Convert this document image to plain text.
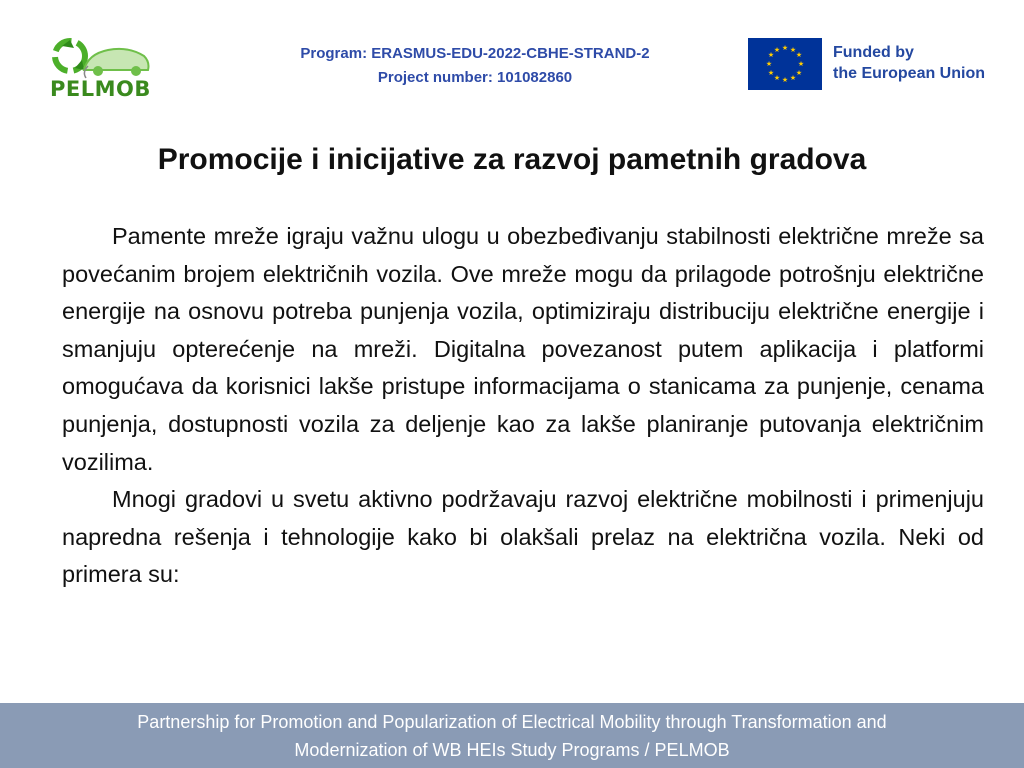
PELMOB
Program: ERASMUS-EDU-2022-CBHE-STRAND-2
Project number: 101082860
★ ★
★
★
★
★
★
★
★
★
★
★	Funded by
the European Union
Promocije i inicijative za razvoj pametnih gradova

Pamente mreže igraju važnu ulogu u obezbeđivanju stabilnosti električne mreže sa povećanim brojem električnih vozila. Ove mreže mogu da prilagode potrošnju električne energije na osnovu potreba punjenja vozila, optimiziraju distribuciju električne energije i smanjuju opterećenje na mreži. Digitalna povezanost putem aplikacija i platformi omogućava da korisnici lakše pristupe informacijama o stanicama za punjenje, cenama punjenja, dostupnosti vozila za deljenje kao za lakše planiranje putovanja električnim vozilima.

Mnogi gradovi u svetu aktivno podržavaju razvoj električne mobilnosti i primenjuju napredna rešenja i tehnologije kako bi olakšali prelaz na električna vozila. Neki od primera su:

Partnership for Promotion and Popularization of Electrical Mobility through Transformation and
Modernization of WB HEIs Study Programs / PELMOB
